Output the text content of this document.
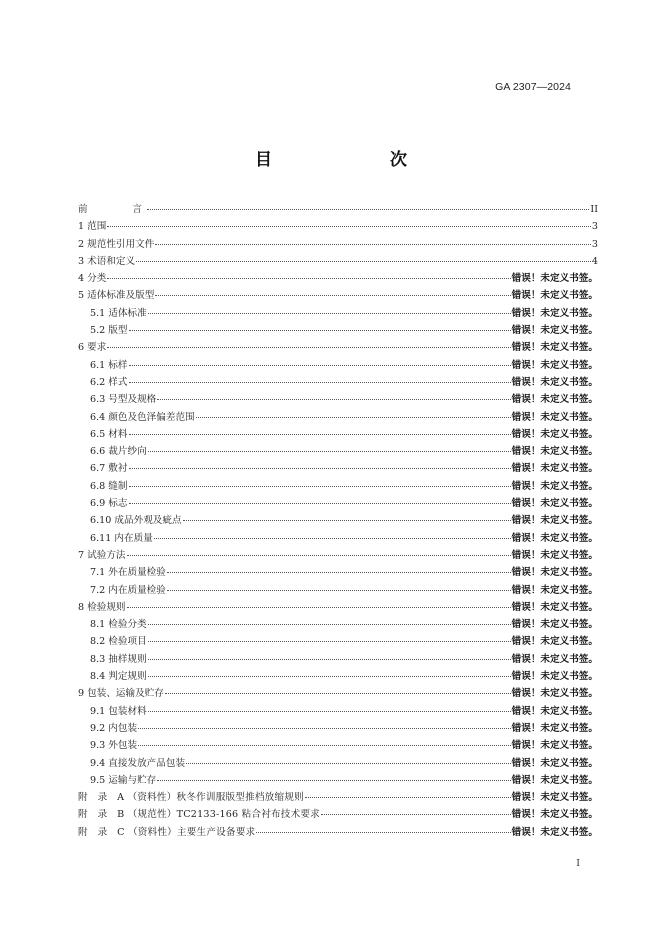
GA 2307—2024
目　　次
前　　　言	II
1 范围	3
2 规范性引用文件	3
3 术语和定义	4
4 分类	错误！未定义书签。
5 适体标准及版型	错误！未定义书签。
5.1 适体标准	错误！未定义书签。
5.2 版型	错误！未定义书签。
6 要求	错误！未定义书签。
6.1 标样	错误！未定义书签。
6.2 样式	错误！未定义书签。
6.3 号型及规格	错误！未定义书签。
6.4 颜色及色泽偏差范围	错误！未定义书签。
6.5 材料	错误！未定义书签。
6.6 裁片纱向	错误！未定义书签。
6.7 敷衬	错误！未定义书签。
6.8 缝制	错误！未定义书签。
6.9 标志	错误！未定义书签。
6.10 成品外观及疵点	错误！未定义书签。
6.11 内在质量	错误！未定义书签。
7 试验方法	错误！未定义书签。
7.1 外在质量检验	错误！未定义书签。
7.2 内在质量检验	错误！未定义书签。
8 检验规则	错误！未定义书签。
8.1 检验分类	错误！未定义书签。
8.2 检验项目	错误！未定义书签。
8.3 抽样规则	错误！未定义书签。
8.4 判定规则	错误！未定义书签。
9 包装、运输及贮存	错误！未定义书签。
9.1 包装材料	错误！未定义书签。
9.2 内包装	错误！未定义书签。
9.3 外包装	错误！未定义书签。
9.4 直接发放产品包装	错误！未定义书签。
9.5 运输与贮存	错误！未定义书签。
附　录　A （资料性）秋冬作训服版型推档放缩规则	错误！未定义书签。
附　录　B （规范性）TC2133-166 粘合衬布技术要求	错误！未定义书签。
附　录　C （资料性）主要生产设备要求	错误！未定义书签。
I
